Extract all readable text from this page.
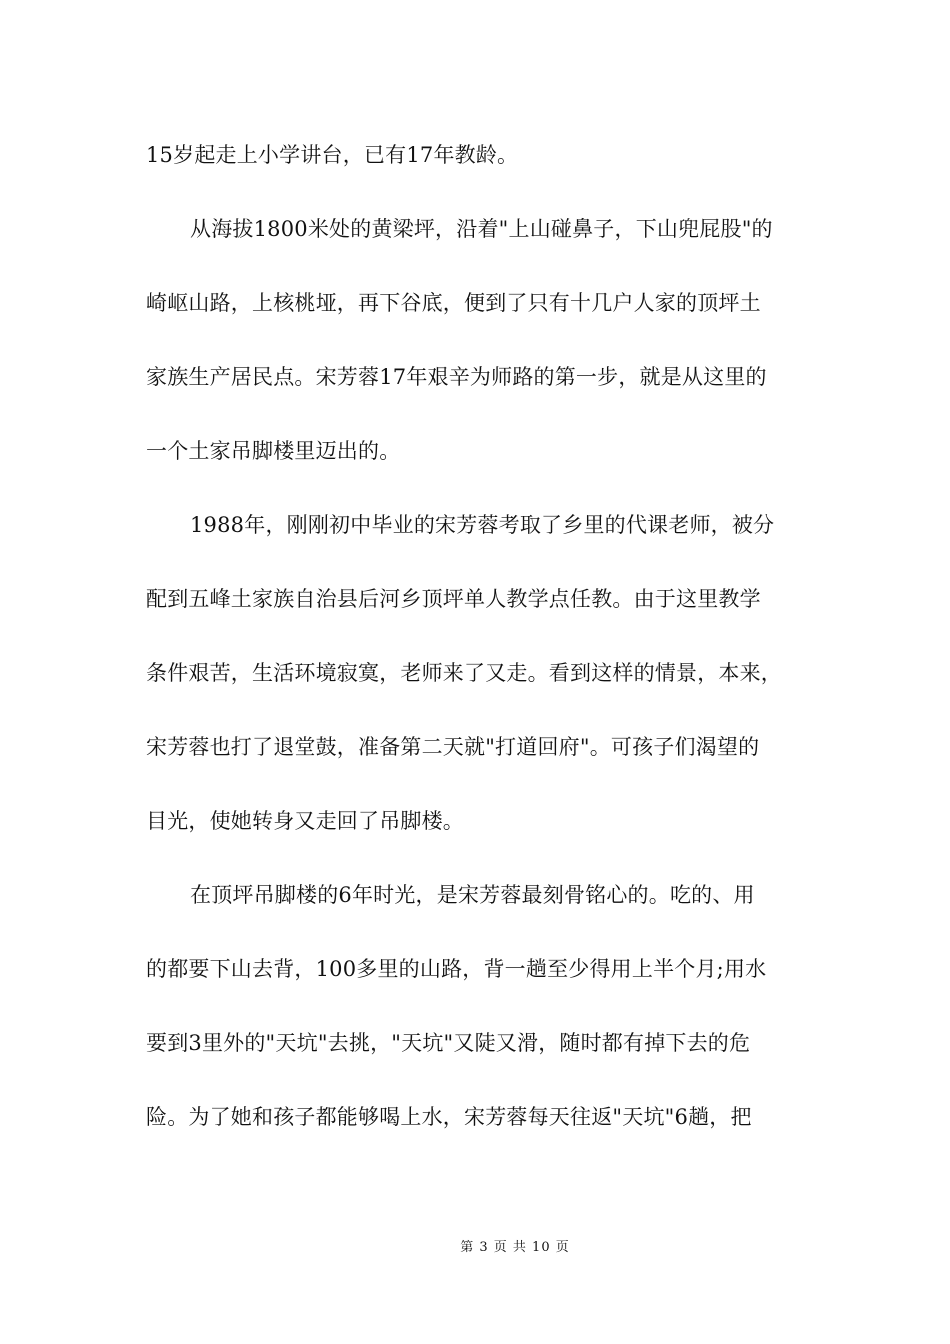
15岁起走上小学讲台，已有17年教龄。
从海拔1800米处的黄梁坪，沿着"上山碰鼻子，下山兜屁股"的
崎岖山路，上核桃垭，再下谷底，便到了只有十几户人家的顶坪土
家族生产居民点。宋芳蓉17年艰辛为师路的第一步，就是从这里的
一个土家吊脚楼里迈出的。
1988年，刚刚初中毕业的宋芳蓉考取了乡里的代课老师，被分
配到五峰土家族自治县后河乡顶坪单人教学点任教。由于这里教学
条件艰苦，生活环境寂寞，老师来了又走。看到这样的情景，本来，
宋芳蓉也打了退堂鼓，准备第二天就"打道回府"。可孩子们渴望的
目光，使她转身又走回了吊脚楼。
在顶坪吊脚楼的6年时光，是宋芳蓉最刻骨铭心的。吃的、用
的都要下山去背，100多里的山路，背一趟至少得用上半个月;用水
要到3里外的"天坑"去挑，"天坑"又陡又滑，随时都有掉下去的危
险。为了她和孩子都能够喝上水，宋芳蓉每天往返"天坑"6趟，把
第 3 页 共 10 页
